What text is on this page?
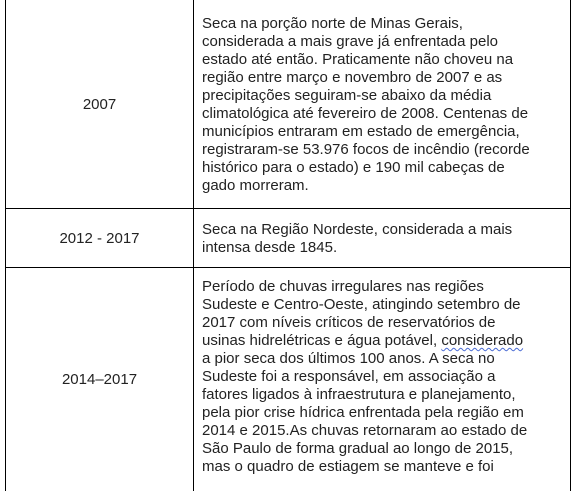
2007
Seca na porção norte de Minas Gerais,
considerada a mais grave já enfrentada pelo
estado até então. Praticamente não choveu na
região entre março e novembro de 2007 e as
precipitações seguiram-se abaixo da média
climatológica até fevereiro de 2008. Centenas de
municípios entraram em estado de emergência,
registraram-se 53.976 focos de incêndio (recorde
histórico para o estado) e 190 mil cabeças de
gado morreram.
2012 - 2017	Seca na Região Nordeste, considerada a mais
intensa desde 1845.
2014–2017
Período de chuvas irregulares nas regiões
Sudeste e Centro-Oeste, atingindo setembro de
2017 com níveis críticos de reservatórios de
usinas hidrelétricas e água potável, considerado
a pior seca dos últimos 100 anos. A seca no
Sudeste foi a responsável, em associação a
fatores ligados à infraestrutura e planejamento,
pela pior crise hídrica enfrentada pela região em
2014 e 2015.As chuvas retornaram ao estado de
São Paulo de forma gradual ao longo de 2015,
mas o quadro de estiagem se manteve e foi
